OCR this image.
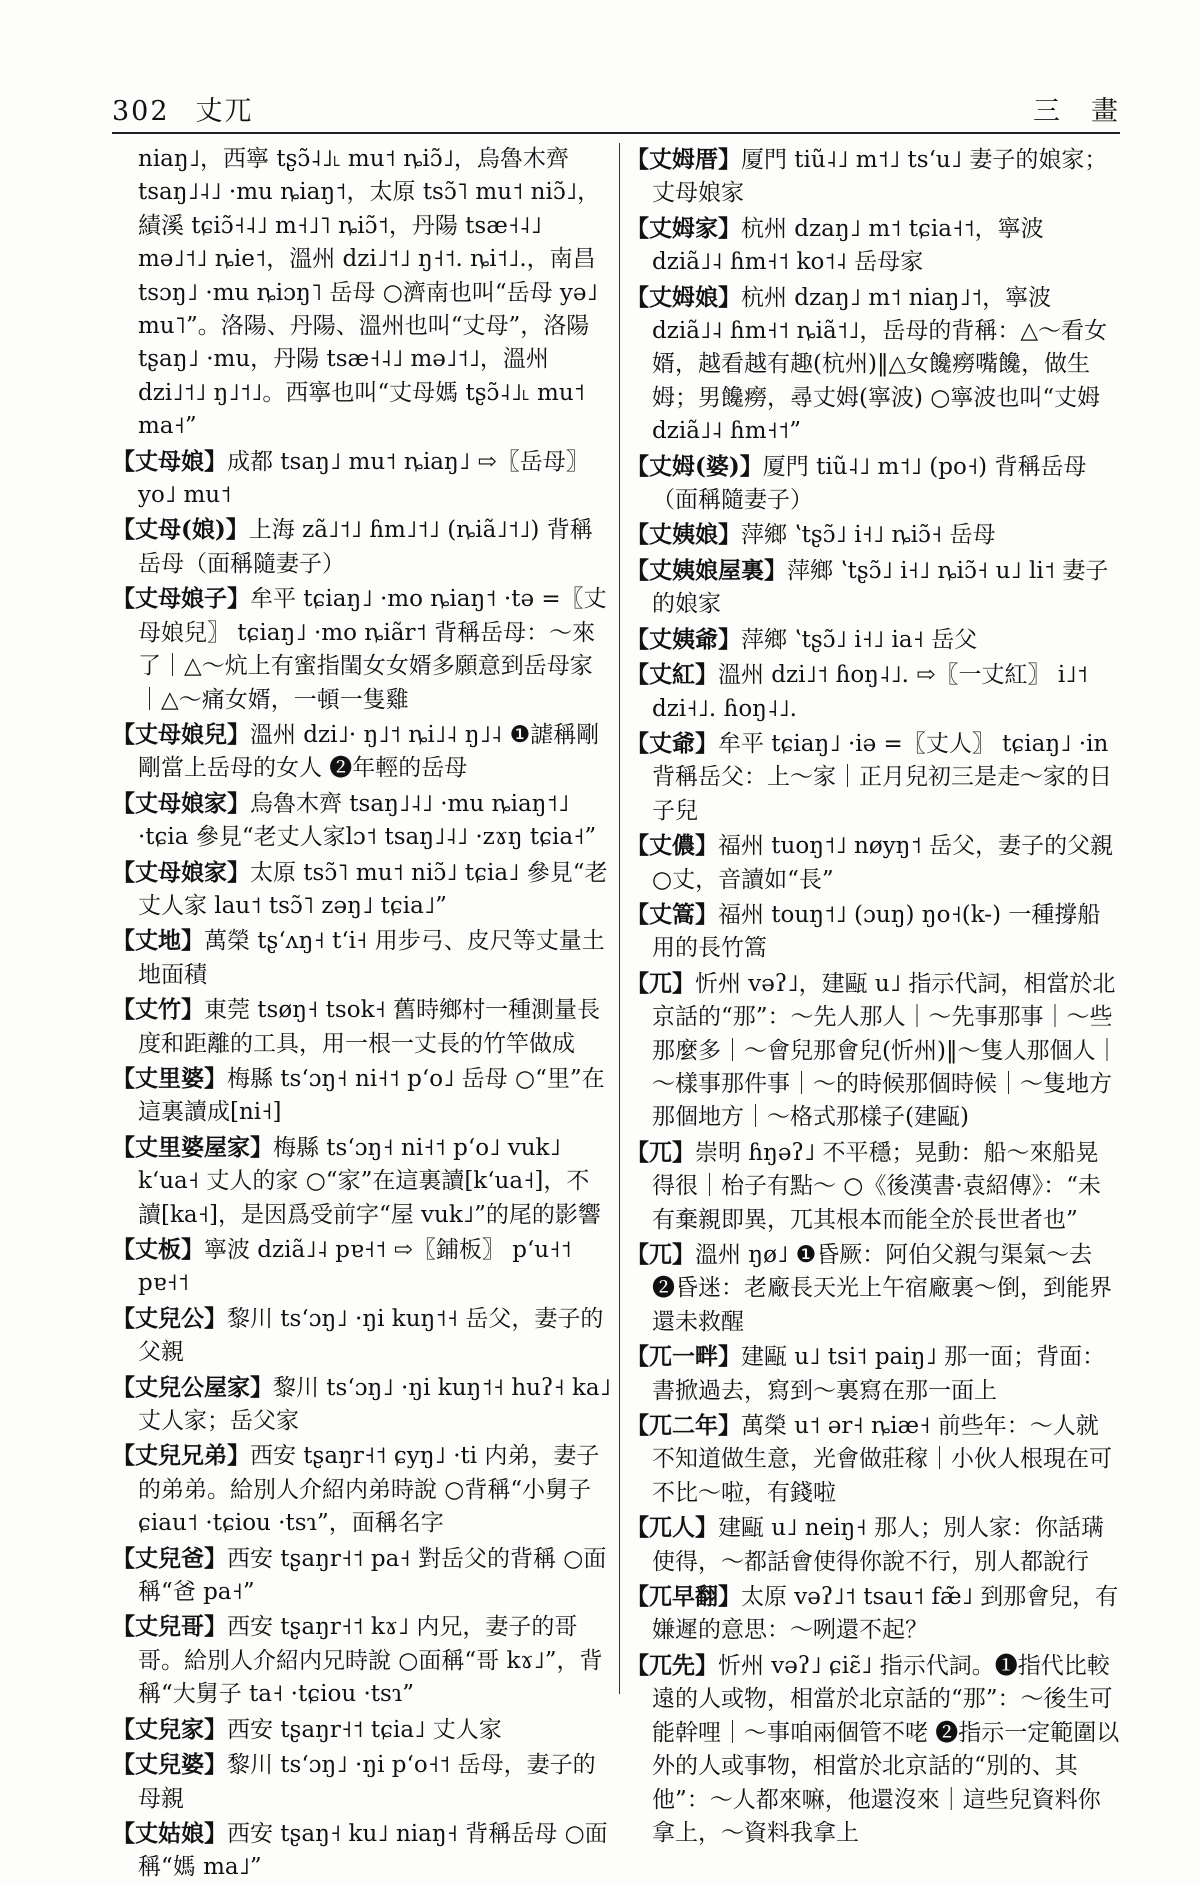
302 丈兀	三　畫
niaŋ˩，西寧 tʂɔ̃˨˩˪ mu˦ ȵiɔ̃˩，烏魯木齊 tsaŋ˩˨˩ ·mu ȵiaŋ˦，太原 tsɔ̃˥ mu˦ niɔ̃˩，績溪 tɕiɔ̃˧˨˩ m˧˩˥ ȵiɔ̃˦，丹陽 tsæ˧˨˩ mə˩˦˩ ȵie˦，溫州 dzi˩˦˩ ŋ˧˦. ȵi˦˩.，南昌 tsɔŋ˩ ·mu ȵiɔŋ˥ 岳母 ○濟南也叫“岳母 yə˩ mu˥”。洛陽、丹陽、溫州也叫“丈母”，洛陽 tʂaŋ˩ ·mu，丹陽 tsæ˧˨˩ mə˩˦˩，溫州 dzi˩˦˩ ŋ˩˦˩。西寧也叫“丈母媽 tʂɔ̃˨˩˪ mu˦ ma˧”
【丈母娘】成都 tsaŋ˩ mu˦ ȵiaŋ˩ ⇨〖岳母〗 yo˩ mu˦
【丈母(娘)】上海 zã˩˦˩ ɦm˩˦˩ (ȵiã˩˦˩) 背稱岳母（面稱隨妻子）
【丈母娘子】牟平 tɕiaŋ˩ ·mo ȵiaŋ˦ ·tə =〖丈母娘兒〗 tɕiaŋ˩ ·mo ȵiãr˦ 背稱岳母：～來了｜△～炕上有蜜指閨女女婿多願意到岳母家｜△～痛女婿，一頓一隻雞
【丈母娘兒】溫州 dzi˩· ŋ˩˦ ȵi˩˨ ŋ˩˨ ❶謔稱剛剛當上岳母的女人 ❷年輕的岳母
【丈母娘家】烏魯木齊 tsaŋ˩˨˩ ·mu ȵiaŋ˦˩ ·tɕia 參見“老丈人家lɔ˦ tsaŋ˩˨˩ ·zɤŋ tɕia˧”
【丈母娘家】太原 tsɔ̃˥ mu˦ niɔ̃˩ tɕia˩ 參見“老丈人家 lau˦ tsɔ̃˥ zəŋ˩ tɕia˩”
【丈地】萬榮 tʂʻʌŋ˧ tʻi˧ 用步弓、皮尺等丈量土地面積
【丈竹】東莞 tsøŋ˧ tsok˧ 舊時鄉村一種測量長度和距離的工具，用一根一丈長的竹竿做成
【丈里婆】梅縣 tsʻɔŋ˧ ni˧˦ pʻo˩ 岳母 ○“里”在這裏讀成[ni˧]
【丈里婆屋家】梅縣 tsʻɔŋ˧ ni˧˦ pʻo˩ vuk˩ kʻua˧ 丈人的家 ○“家”在這裏讀[kʻua˧]，不讀[ka˧]，是因爲受前字“屋 vuk˩”的尾的影響
【丈板】寧波 dziã˩˨ pɐ˧˦ ⇨〖鋪板〗 pʻu˧˦ pɐ˧˦
【丈兒公】黎川 tsʻɔŋ˩ ·ŋi kuŋ˦˧ 岳父，妻子的父親
【丈兒公屋家】黎川 tsʻɔŋ˩ ·ŋi kuŋ˦˧ huʔ˧ ka˩ 丈人家；岳父家
【丈兒兄弟】西安 tʂaŋr˧˦ ɕyŋ˩ ·ti 内弟，妻子的弟弟。給別人介紹内弟時說 ○背稱“小舅子 ɕiau˦ ·tɕiou ·tsɿ”，面稱名字
【丈兒爸】西安 tʂaŋr˧˦ pa˧ 對岳父的背稱 ○面稱“爸 pa˧”
【丈兒哥】西安 tʂaŋr˧˦ kɤ˩ 内兄，妻子的哥哥。給別人介紹内兄時說 ○面稱“哥 kɤ˩”，背稱“大舅子 ta˧ ·tɕiou ·tsɿ”
【丈兒家】西安 tʂaŋr˧˦ tɕia˩ 丈人家
【丈兒婆】黎川 tsʻɔŋ˩ ·ŋi pʻo˧˦ 岳母，妻子的母親
【丈姑娘】西安 tʂaŋ˧ ku˩ niaŋ˧ 背稱岳母 ○面稱“媽 ma˩”
【丈姆厝】厦門 tiũ˨˩ m˦˩ tsʻu˩ 妻子的娘家；丈母娘家
【丈姆家】杭州 dzaŋ˩ m˦ tɕia˧˦，寧波 dziã˩˨ ɦm˧˦ ko˦˨ 岳母家
【丈姆娘】杭州 dzaŋ˩ m˦ niaŋ˩˦，寧波 dziã˩˨ ɦm˧˦ ȵiã˦˩，岳母的背稱：△～看女婿，越看越有趣(杭州)‖△女饞癆嘴饞，做生姆；男饞癆，尋丈姆(寧波) ○寧波也叫“丈姆 dziã˩˨ ɦm˧˦”
【丈姆(婆)】厦門 tiũ˨˩ m˦˩ (po˧) 背稱岳母（面稱隨妻子）
【丈姨娘】萍鄉 ʽtʂɔ̃˩ i˧˩ ȵiɔ̃˧ 岳母
【丈姨娘屋裏】萍鄉 ʽtʂɔ̃˩ i˧˩ ȵiɔ̃˧ u˩ li˦ 妻子的娘家
【丈姨爺】萍鄉 ʽtʂɔ̃˩ i˧˩ ia˧ 岳父
【丈紅】溫州 dzi˩˦ ɦoŋ˨˩. ⇨〖一丈紅〗 i˩˦ dzi˧˩. ɦoŋ˨˩.
【丈爺】牟平 tɕiaŋ˩ ·iə =〖丈人〗 tɕiaŋ˩ ·in 背稱岳父：上～家｜正月兒初三是走～家的日子兒
【丈儂】福州 tuoŋ˦˩ nøyŋ˦ 岳父，妻子的父親 ○丈，音讀如“長”
【丈篙】福州 touŋ˦˩ (ɔuŋ) ŋo˧(k-) 一種撐船用的長竹篙
【兀】忻州 vəʔ˩，建甌 u˩ 指示代詞，相當於北京話的“那”：～先人那人｜～先事那事｜～些那麼多｜～會兒那會兒(忻州)‖～隻人那個人｜～樣事那件事｜～的時候那個時候｜～隻地方那個地方｜～格式那樣子(建甌)
【兀】崇明 ɦŋəʔ˩ 不平穩；晃動：船～來船晃得很｜枱子有點～ ○《後漢書·袁紹傳》：“未有棄親即異，兀其根本而能全於長世者也”
【兀】溫州 ŋø˩ ❶昏厥：阿伯父親勻渠氣～去 ❷昏迷：老廠長天光上午宿廠裏～倒，到能界還未救醒
【兀一畔】建甌 u˩ tsi˦ paiŋ˩ 那一面；背面：書掀過去，寫到～裏寫在那一面上
【兀二年】萬榮 u˦ ər˧ ȵiæ˧ 前些年：～人就不知道做生意，光會做莊稼｜小伙人根現在可不比～啦，有錢啦
【兀人】建甌 u˩ neiŋ˧ 那人；別人家：你話𫞩使得，～都話會使得你說不行，別人都說行
【兀早翻】太原 vəʔ˩˦ tsau˦ fæ̃˩ 到那會兒，有嫌遲的意思：～咧還不起？
【兀先】忻州 vəʔ˩ ɕiɛ̃˩ 指示代詞。❶指代比較遠的人或物，相當於北京話的“那”：～後生可能幹哩｜～事咱兩個管不咾 ❷指示一定範圍以外的人或事物，相當於北京話的“別的、其他”：～人都來嘛，他還沒來｜這些兒資料你拿上，～資料我拿上
